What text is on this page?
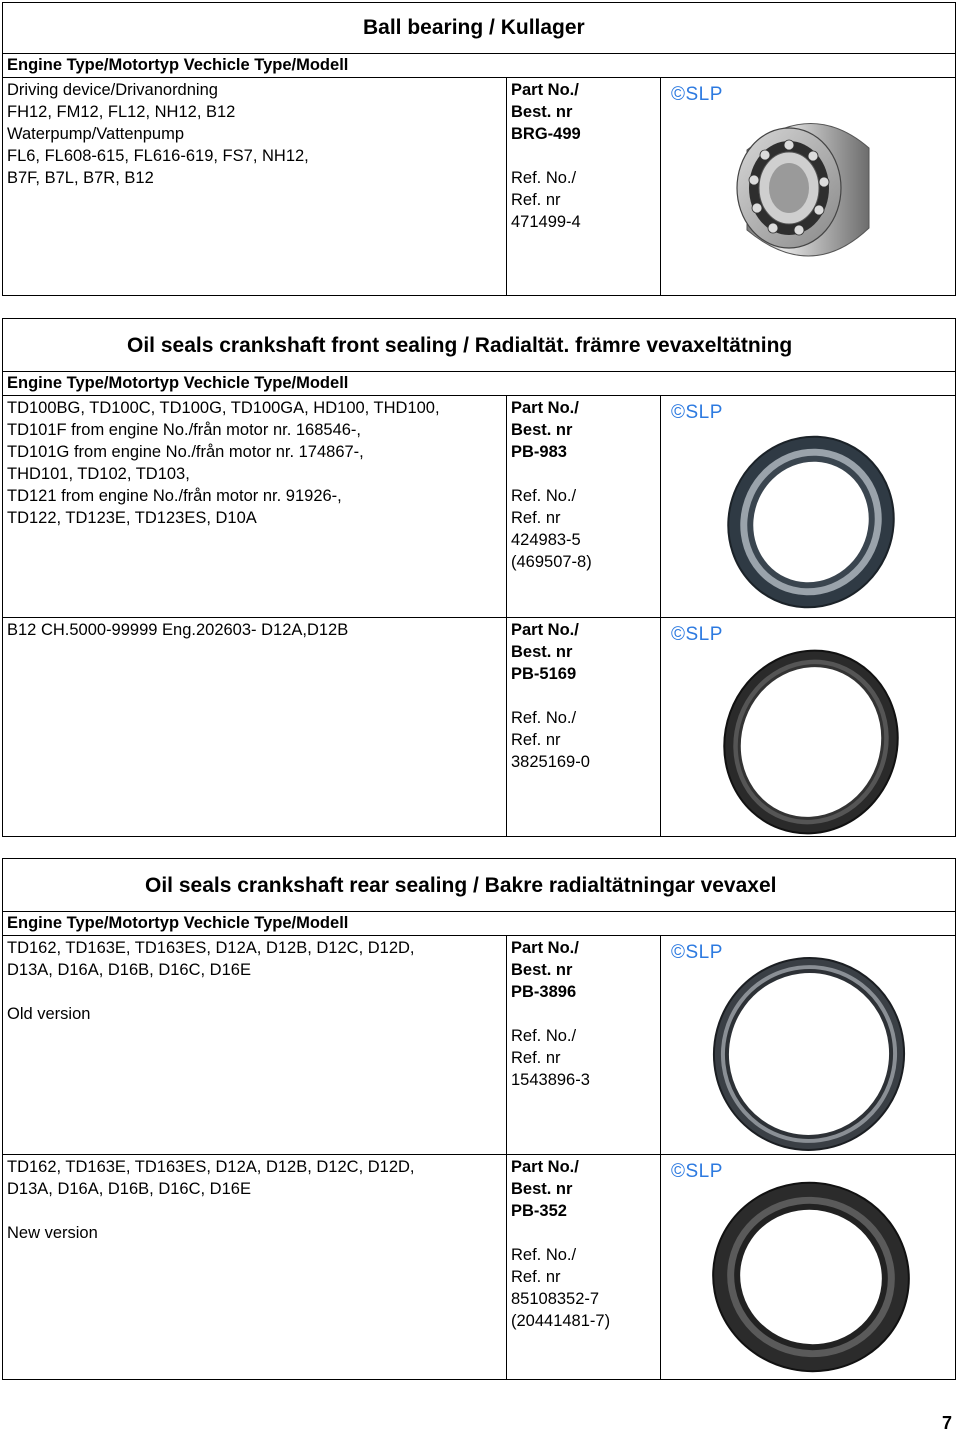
Ball bearing / Kullager
Engine Type/Motortyp Vechicle Type/Modell
Driving device/Drivanordning
FH12, FM12, FL12, NH12, B12
Waterpump/Vattenpump
FL6, FL608-615, FL616-619, FS7, NH12,
B7F, B7L, B7R, B12
Part No./
Best. nr
BRG-499
Ref. No./
Ref. nr
471499-4
©SLP
Oil seals crankshaft front sealing / Radialtät. främre vevaxeltätning
Engine Type/Motortyp Vechicle Type/Modell
TD100BG, TD100C, TD100G, TD100GA, HD100, THD100,
TD101F from engine No./från motor nr. 168546-,
TD101G from engine No./från motor nr. 174867-,
THD101, TD102, TD103,
TD121 from engine No./från motor nr. 91926-,
TD122, TD123E, TD123ES, D10A
Part No./
Best. nr
PB-983
Ref. No./
Ref. nr
424983-5
(469507-8)
©SLP
B12 CH.5000-99999 Eng.202603- D12A,D12B	Part No./
Best. nr
PB-5169
Ref. No./
Ref. nr
3825169-0
©SLP
Oil seals crankshaft rear sealing / Bakre radialtätningar vevaxel
Engine Type/Motortyp Vechicle Type/Modell
TD162, TD163E, TD163ES, D12A, D12B, D12C, D12D,
D13A, D16A, D16B, D16C, D16E
Old version
Part No./
Best. nr
PB-3896
Ref. No./
Ref. nr
1543896-3
©SLP
TD162, TD163E, TD163ES, D12A, D12B, D12C, D12D,
D13A, D16A, D16B, D16C, D16E
New version
Part No./
Best. nr
PB-352
Ref. No./
Ref. nr
85108352-7
(20441481-7)
©SLP
7
